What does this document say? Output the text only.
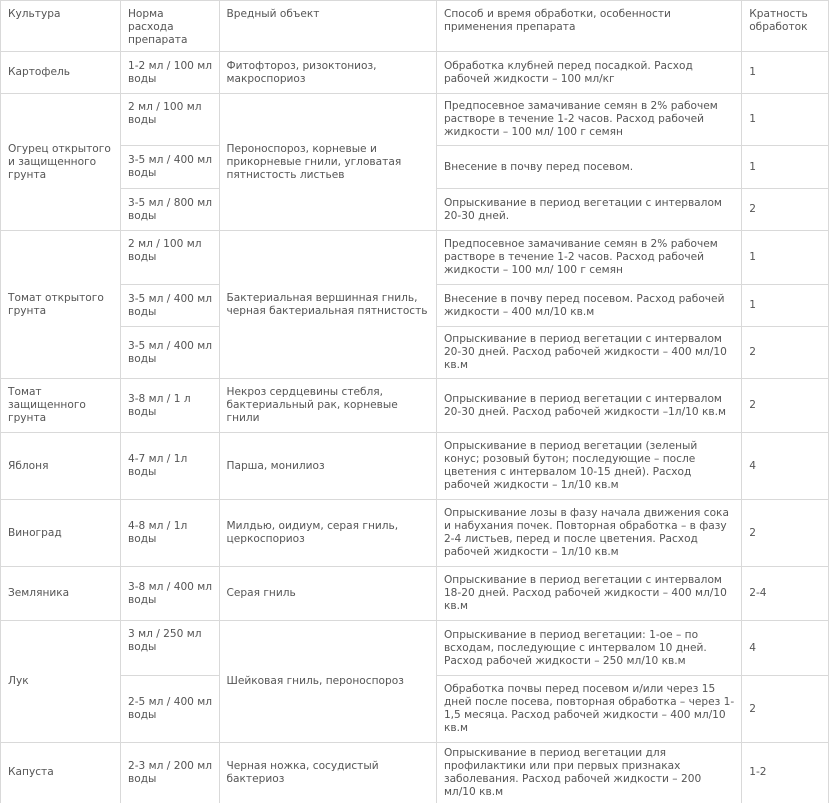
Культура	Норма расхода препарата	Вредный объект	Способ и время обработки, особенности применения препарата	Кратность обработок
Картофель	1-2 мл / 100 мл воды	Фитофтороз, ризоктониоз, макроспориоз	Обработка клубней перед посадкой. Расход рабочей жидкости – 100 мл/кг	1
Огурец открытого и защищенного грунта	2 мл / 100 мл воды	Пероноспороз, корневые и прикорневые гнили, угловатая пятнистость листьев	Предпосевное замачивание семян в 2% рабочем растворе в течение 1-2 часов. Расход рабочей жидкости – 100 мл/ 100 г семян	1
	3-5 мл / 400 мл воды		Внесение в почву перед посевом.	1
	3-5 мл / 800 мл воды		Опрыскивание в период вегетации с интервалом 20-30 дней.	2
Томат открытого грунта	2 мл / 100 мл воды	Бактериальная вершинная гниль, черная бактериальная пятнистость	Предпосевное замачивание семян в 2% рабочем растворе в течение 1-2 часов. Расход рабочей жидкости – 100 мл/ 100 г семян	1
	3-5 мл / 400 мл воды		Внесение в почву перед посевом. Расход рабочей жидкости – 400 мл/10 кв.м	1
	3-5 мл / 400 мл воды		Опрыскивание в период вегетации с интервалом 20-30 дней. Расход рабочей жидкости – 400 мл/10 кв.м	2
Томат защищенного грунта	3-8 мл / 1 л воды	Некроз сердцевины стебля, бактериальный рак, корневые гнили	Опрыскивание в период вегетации с интервалом 20-30 дней. Расход рабочей жидкости –1л/10 кв.м	2
Яблоня	4-7 мл / 1л воды	Парша, монилиоз	Опрыскивание в период вегетации (зеленый конус; розовый бутон; последующие – после цветения с интервалом 10-15 дней). Расход рабочей жидкости – 1л/10 кв.м	4
Виноград	4-8 мл / 1л воды	Милдью, оидиум, серая гниль, церкоспориоз	Опрыскивание лозы в фазу начала движения сока и набухания почек. Повторная обработка – в фазу 2-4 листьев, перед и после цветения. Расход рабочей жидкости – 1л/10 кв.м	2
Земляника	3-8 мл / 400 мл воды	Серая гниль	Опрыскивание в период вегетации с интервалом 18-20 дней. Расход рабочей жидкости – 400 мл/10 кв.м	2-4
Лук	3 мл / 250 мл воды	Шейковая гниль, пероноспороз	Опрыскивание в период вегетации: 1-ое – по всходам, последующие с интервалом 10 дней. Расход рабочей жидкости – 250 мл/10 кв.м	4
	2-5 мл / 400 мл воды		Обработка почвы перед посевом и/или через 15 дней после посева, повторная обработка – через 1-1,5 месяца. Расход рабочей жидкости – 400 мл/10 кв.м	2
Капуста	2-3 мл / 200 мл воды	Черная ножка, сосудистый бактериоз	Опрыскивание в период вегетации для профилактики или при первых признаках заболевания. Расход рабочей жидкости – 200 мл/10 кв.м	1-2
